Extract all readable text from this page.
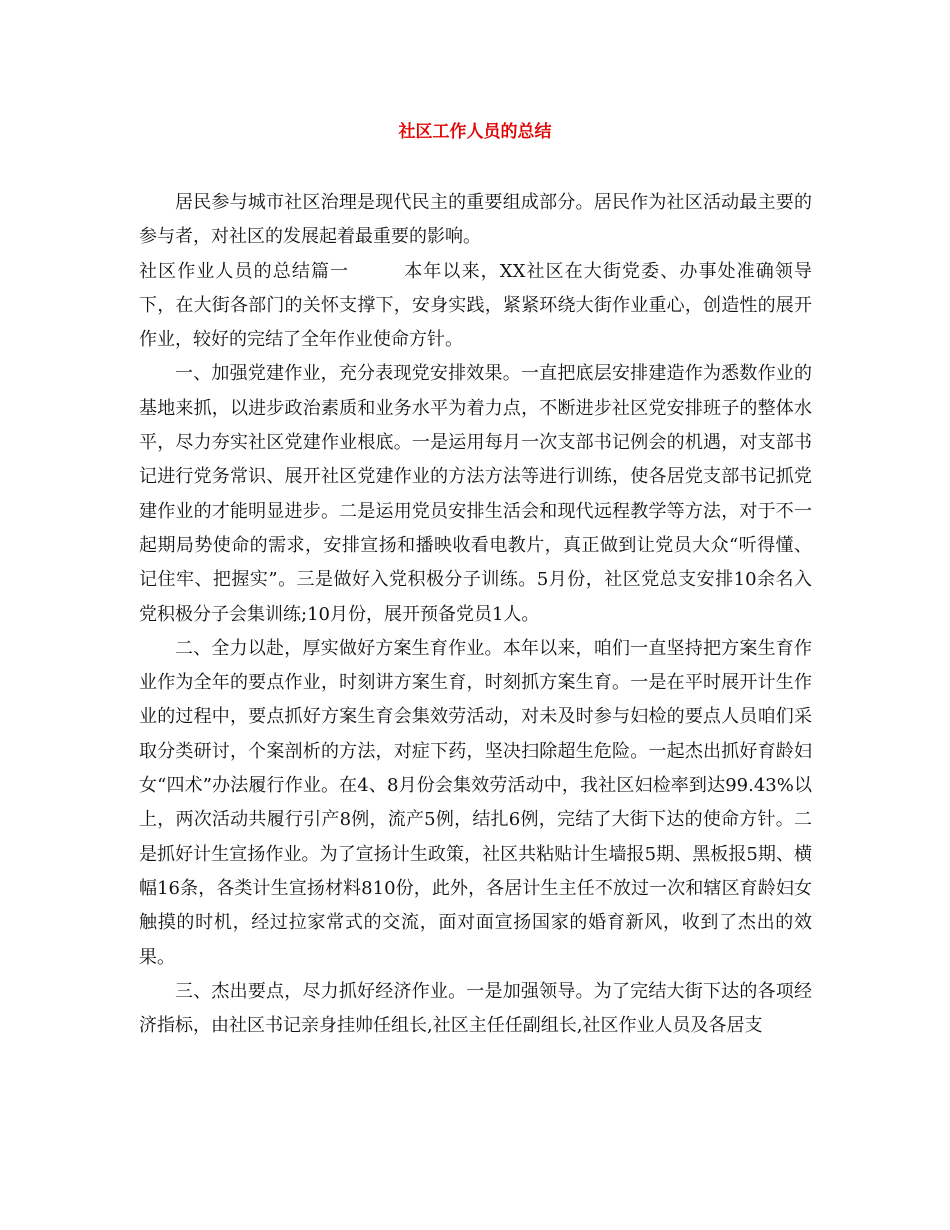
社区工作人员的总结

居民参与城市社区治理是现代民主的重要组成部分。居民作为社区活动最主要的参与者，对社区的发展起着最重要的影响。

社区作业人员的总结篇一	本年以来，XX社区在大街党委、办事处准确领导下，在大街各部门的关怀支撑下，安身实践，紧紧环绕大街作业重心，创造性的展开作业，较好的完结了全年作业使命方针。

一、加强党建作业，充分表现党安排效果。一直把底层安排建造作为悉数作业的基地来抓，以进步政治素质和业务水平为着力点，不断进步社区党安排班子的整体水平，尽力夯实社区党建作业根底。一是运用每月一次支部书记例会的机遇，对支部书记进行党务常识、展开社区党建作业的方法方法等进行训练，使各居党支部书记抓党建作业的才能明显进步。二是运用党员安排生活会和现代远程教学等方法，对于不一起期局势使命的需求，安排宣扬和播映收看电教片，真正做到让党员大众“听得懂、记住牢、把握实”。三是做好入党积极分子训练。5月份，社区党总支安排10余名入党积极分子会集训练;10月份，展开预备党员1人。

二、全力以赴，厚实做好方案生育作业。本年以来，咱们一直坚持把方案生育作业作为全年的要点作业，时刻讲方案生育，时刻抓方案生育。一是在平时展开计生作业的过程中，要点抓好方案生育会集效劳活动，对未及时参与妇检的要点人员咱们采取分类研讨，个案剖析的方法，对症下药，坚决扫除超生危险。一起杰出抓好育龄妇女“四术”办法履行作业。在4、8月份会集效劳活动中，我社区妇检率到达99.43%以上，两次活动共履行引产8例，流产5例，结扎6例，完结了大街下达的使命方针。二是抓好计生宣扬作业。为了宣扬计生政策，社区共粘贴计生墙报5期、黑板报5期、横幅16条，各类计生宣扬材料810份，此外，各居计生主任不放过一次和辖区育龄妇女触摸的时机，经过拉家常式的交流，面对面宣扬国家的婚育新风，收到了杰出的效果。

三、杰出要点，尽力抓好经济作业。一是加强领导。为了完结大街下达的各项经济指标，由社区书记亲身挂帅任组长,社区主任任副组长,社区作业人员及各居支
